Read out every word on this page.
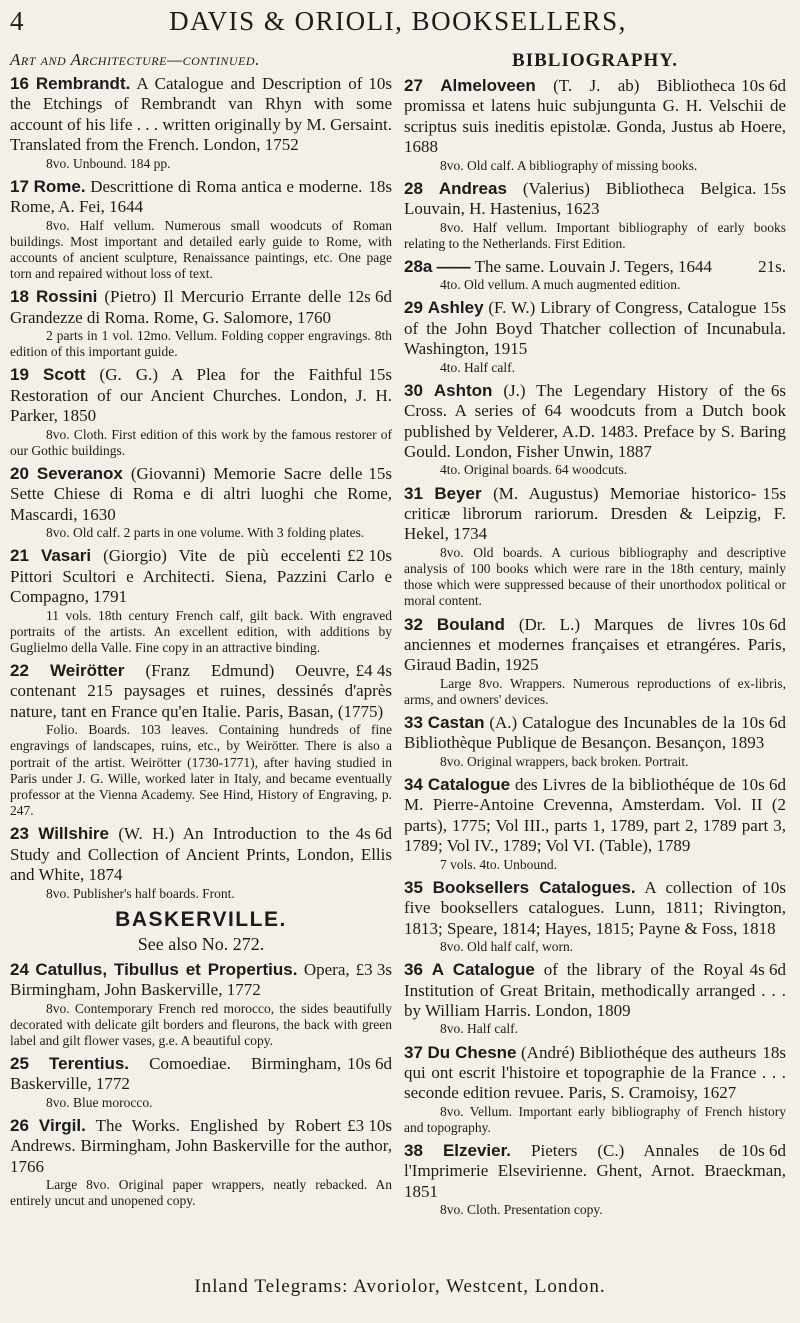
4	DAVIS & ORIOLI, BOOKSELLERS,
Art and Architecture—continued.
10s
16 Rembrandt. A Catalogue and Description of the Etchings of Rembrandt van Rhyn with some account of his life . . . written originally by M. Gersaint. Translated from the French. London, 1752
8vo. Unbound. 184 pp.
18s
17 Rome. Descrittione di Roma antica e moderne. Rome, A. Fei, 1644
8vo. Half vellum. Numerous small woodcuts of Roman buildings. Most important and detailed early guide to Rome, with accounts of ancient sculpture, Renaissance paintings, etc. One page torn and repaired without loss of text.
12s 6d
18 Rossini (Pietro) Il Mercurio Errante delle Grandezze di Roma. Rome, G. Salomore, 1760
2 parts in 1 vol. 12mo. Vellum. Folding copper engravings. 8th edition of this important guide.
15s
19 Scott (G. G.) A Plea for the Faithful Restoration of our Ancient Churches. London, J. H. Parker, 1850
8vo. Cloth. First edition of this work by the famous restorer of our Gothic buildings.
15s
20 Severanox (Giovanni) Memorie Sacre delle Sette Chiese di Roma e di altri luoghi che Rome, Mascardi, 1630
8vo. Old calf. 2 parts in one volume. With 3 folding plates.
£2 10s
21 Vasari (Giorgio) Vite de più eccelenti Pittori Scultori e Architecti. Siena, Pazzini Carlo e Compagno, 1791
11 vols. 18th century French calf, gilt back. With engraved portraits of the artists. An excellent edition, with additions by Guglielmo della Valle. Fine copy in an attractive binding.
£4 4s
22 Weirötter (Franz Edmund) Oeuvre, contenant 215 paysages et ruines, dessinés d'après nature, tant en France qu'en Italie. Paris, Basan, (1775)
Folio. Boards. 103 leaves. Containing hundreds of fine engravings of landscapes, ruins, etc., by Weirötter. There is also a portrait of the artist. Weirötter (1730-1771), after having studied in Paris under J. G. Wille, worked later in Italy, and became eventually professor at the Vienna Academy. See Hind, History of Engraving, p. 247.
4s 6d
23 Willshire (W. H.) An Introduction to the Study and Collection of Ancient Prints, London, Ellis and White, 1874
8vo. Publisher's half boards. Front.
BASKERVILLE.
See also No. 272.
£3 3s
24 Catullus, Tibullus et Propertius. Opera, Birmingham, John Baskerville, 1772
8vo. Contemporary French red morocco, the sides beautifully decorated with delicate gilt borders and fleurons, the back with green label and gilt flower vases, g.e. A beautiful copy.
10s 6d
25 Terentius. Comoediae. Birmingham, Baskerville, 1772
8vo. Blue morocco.
£3 10s
26 Virgil. The Works. Englished by Robert Andrews. Birmingham, John Baskerville for the author, 1766
Large 8vo. Original paper wrappers, neatly rebacked. An entirely uncut and unopened copy.
BIBLIOGRAPHY.
10s 6d
27 Almeloveen (T. J. ab) Bibliotheca promissa et latens huic subjungunta G. H. Velschii de scriptus suis ineditis epistolæ. Gonda, Justus ab Hoere, 1688
8vo. Old calf. A bibliography of missing books.
15s
28 Andreas (Valerius) Bibliotheca Belgica. Louvain, H. Hastenius, 1623
8vo. Half vellum. Important bibliography of early books relating to the Netherlands. First Edition.
21s.
28a —— The same. Louvain J. Tegers, 1644
4to. Old vellum. A much augmented edition.
15s
29 Ashley (F. W.) Library of Congress, Catalogue of the John Boyd Thatcher collection of Incunabula. Washington, 1915
4to. Half calf.
6s
30 Ashton (J.) The Legendary History of the Cross. A series of 64 woodcuts from a Dutch book published by Velderer, A.D. 1483. Preface by S. Baring Gould. London, Fisher Unwin, 1887
4to. Original boards. 64 woodcuts.
15s
31 Beyer (M. Augustus) Memoriae historico-criticæ librorum rariorum. Dresden & Leipzig, F. Hekel, 1734
8vo. Old boards. A curious bibliography and descriptive analysis of 100 books which were rare in the 18th century, mainly those which were suppressed because of their unorthodox political or moral content.
10s 6d
32 Bouland (Dr. L.) Marques de livres anciennes et modernes françaises et etrangéres. Paris, Giraud Badin, 1925
Large 8vo. Wrappers. Numerous reproductions of ex-libris, arms, and owners' devices.
10s 6d
33 Castan (A.) Catalogue des Incunables de la Bibliothèque Publique de Besançon. Besançon, 1893
8vo. Original wrappers, back broken. Portrait.
10s 6d
34 Catalogue des Livres de la bibliothéque de M. Pierre-Antoine Crevenna, Amsterdam. Vol. II (2 parts), 1775; Vol III., parts 1, 1789, part 2, 1789 part 3, 1789; Vol IV., 1789; Vol VI. (Table), 1789
7 vols. 4to. Unbound.
10s
35 Booksellers Catalogues. A collection of five booksellers catalogues. Lunn, 1811; Rivington, 1813; Speare, 1814; Hayes, 1815; Payne & Foss, 1818
8vo. Old half calf, worn.
4s 6d
36 A Catalogue of the library of the Royal Institution of Great Britain, methodically arranged . . . by William Harris. London, 1809
8vo. Half calf.
18s
37 Du Chesne (André) Bibliothéque des autheurs qui ont escrit l'histoire et topographie de la France . . . seconde edition revuee. Paris, S. Cramoisy, 1627
8vo. Vellum. Important early bibliography of French history and topography.
10s 6d
38 Elzevier. Pieters (C.) Annales de l'Imprimerie Elsevirienne. Ghent, Arnot. Braeckman, 1851
8vo. Cloth. Presentation copy.
Inland Telegrams: Avoriolor, Westcent, London.
